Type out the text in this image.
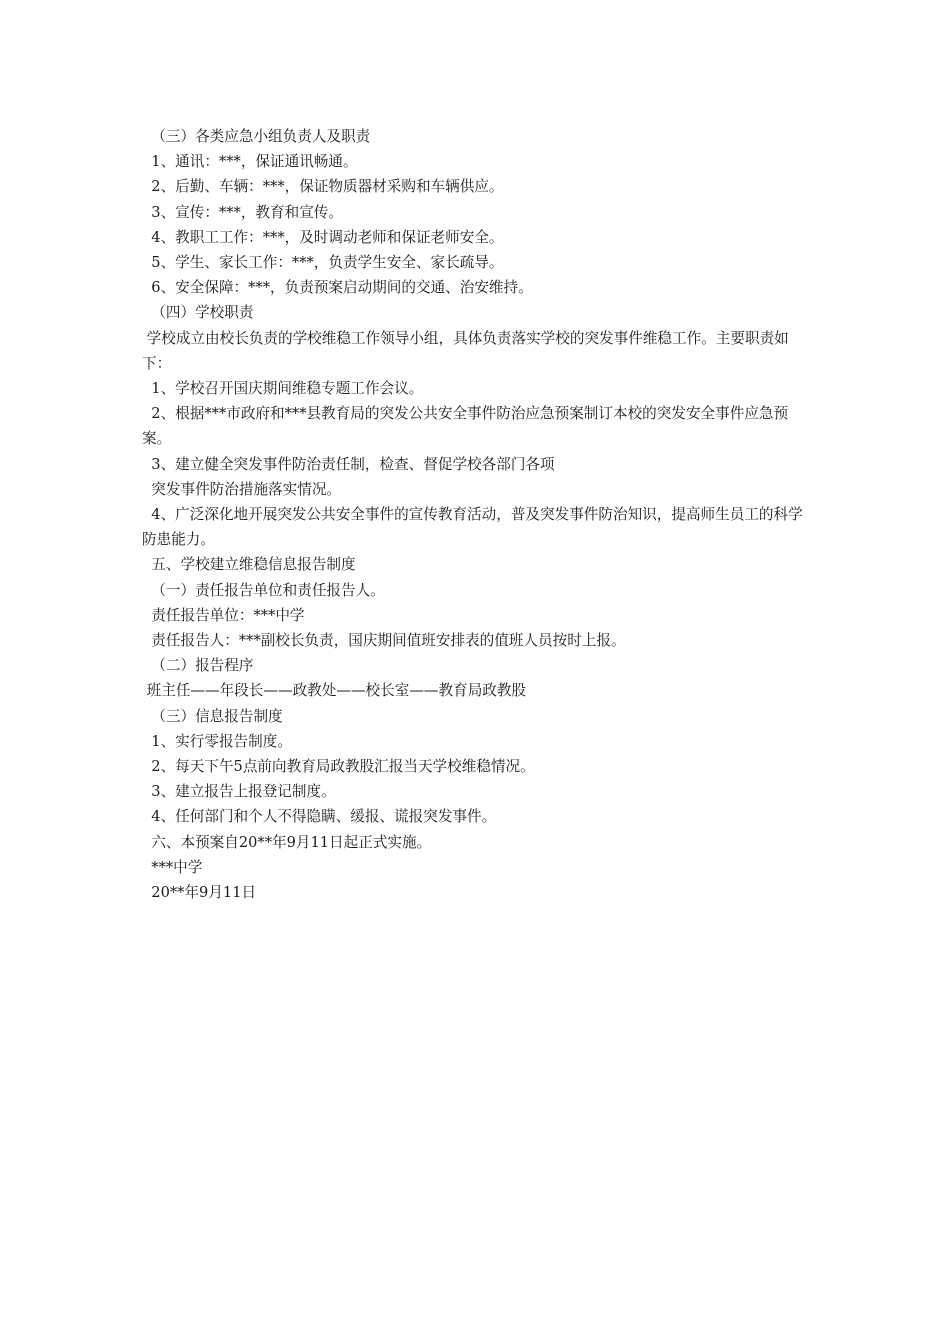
（三）各类应急小组负责人及职责

1、通讯：***，保证通讯畅通。

2、后勤、车辆：***，保证物质器材采购和车辆供应。

3、宣传：***，教育和宣传。

4、教职工工作：***，及时调动老师和保证老师安全。

5、学生、家长工作：***，负责学生安全、家长疏导。

6、安全保障：***，负责预案启动期间的交通、治安维持。

（四）学校职责

学校成立由校长负责的学校维稳工作领导小组，具体负责落实学校的突发事件维稳工作。主要职责如下：

1、学校召开国庆期间维稳专题工作会议。

2、根据***市政府和***县教育局的突发公共安全事件防治应急预案制订本校的突发安全事件应急预案。

3、建立健全突发事件防治责任制，检查、督促学校各部门各项

突发事件防治措施落实情况。

4、广泛深化地开展突发公共安全事件的宣传教育活动，普及突发事件防治知识，提高师生员工的科学防患能力。

五、学校建立维稳信息报告制度

（一）责任报告单位和责任报告人。

责任报告单位：***中学

责任报告人：***副校长负责，国庆期间值班安排表的值班人员按时上报。

（二）报告程序

班主任——年段长——政教处——校长室——教育局政教股

（三）信息报告制度

1、实行零报告制度。

2、每天下午5点前向教育局政教股汇报当天学校维稳情况。

3、建立报告上报登记制度。

4、任何部门和个人不得隐瞒、缓报、谎报突发事件。

六、本预案自20**年9月11日起正式实施。

***中学

20**年9月11日
